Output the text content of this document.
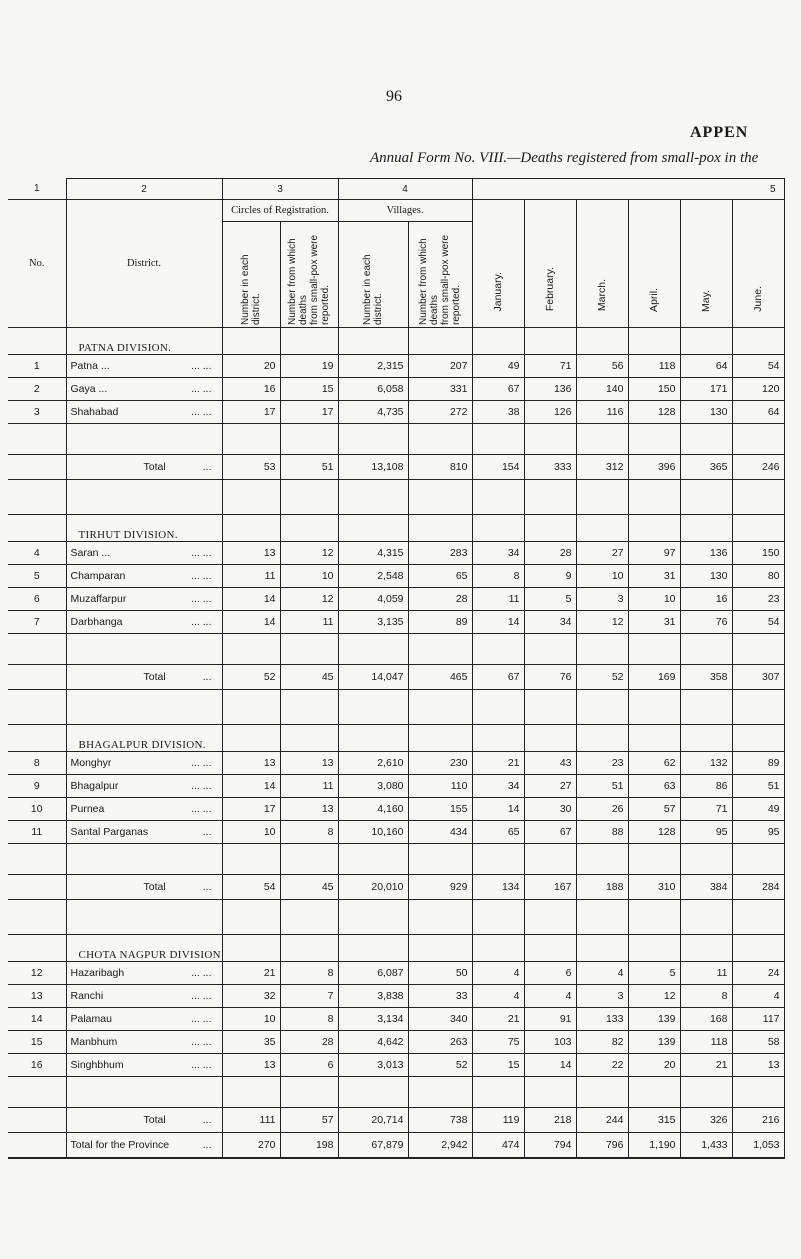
96
APPEN
Annual Form No. VIII.—Deaths registered from small-pox in the
1	2	3		4		5					
No.	District.	Circles of Registration.		Villages.		January.	February.	March.	April.	May.	June.

		Number in each district.	Number from which deaths
from small-pox were
reported.	Number in each district.	Number from which deaths
from small-pox were
reported.						

	PATNA DIVISION.										
1	Patna ... ... ...	20	19	2,315	207	49	71	56	118	64	54
2	Gaya ... ... ...	16	15	6,058	331	67	136	140	150	171	120
3	Shahabad ... ...	17	17	4,735	272	38	126	116	128	130	64

	Total ...	53	51	13,108	810	154	333	312	396	365	246

	TIRHUT DIVISION.										
4	Saran ... ... ...	13	12	4,315	283	34	28	27	97	136	150
5	Champaran ... ...	11	10	2,548	65	8	9	10	31	130	80
6	Muzaffarpur ... ...	14	12	4,059	28	11	5	3	10	16	23
7	Darbhanga ... ...	14	11	3,135	89	14	34	12	31	76	54

	Total ...	52	45	14,047	465	67	76	52	169	358	307

	BHAGALPUR DIVISION.										
8	Monghyr ... ...	13	13	2,610	230	21	43	23	62	132	89
9	Bhagalpur ... ...	14	11	3,080	110	34	27	51	63	86	51
10	Purnea ... ...	17	13	4,160	155	14	30	26	57	71	49
11	Santal Parganas ...	10	8	10,160	434	65	67	88	128	95	95

	Total ...	54	45	20,010	929	134	167	188	310	384	284

	CHOTA NAGPUR DIVISION										
12	Hazaribagh ... ...	21	8	6,087	50	4	6	4	5	11	24
13	Ranchi ... ...	32	7	3,838	33	4	4	3	12	8	4
14	Palamau ... ...	10	8	3,134	340	21	91	133	139	168	117
15	Manbhum ... ...	35	28	4,642	263	75	103	82	139	118	58
16	Singhbhum ... ...	13	6	3,013	52	15	14	22	20	21	13

	Total ...	111	57	20,714	738	119	218	244	315	326	216
	Total for the Province ...	270	198	67,879	2,942	474	794	796	1,190	1,433	1,053
